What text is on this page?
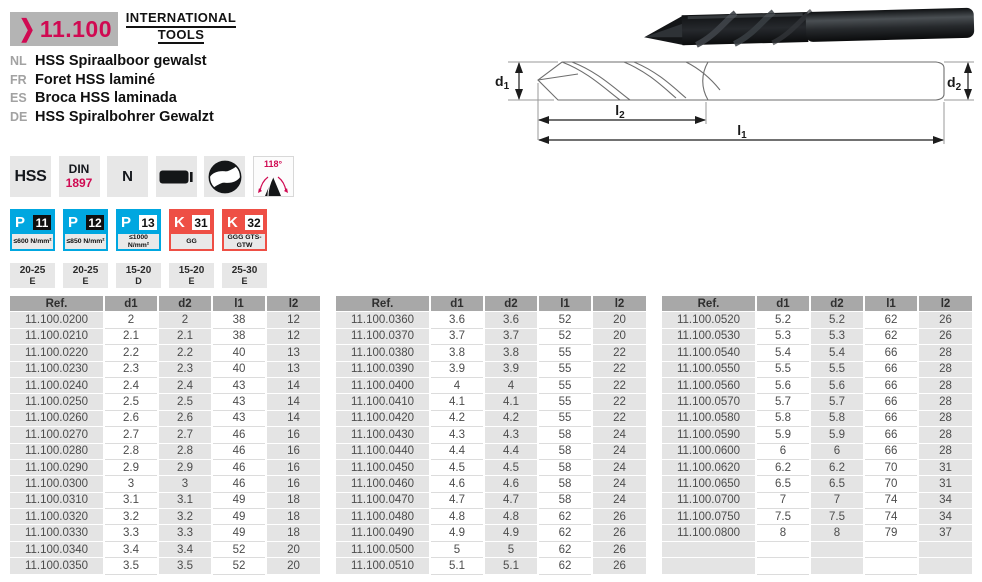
❯ 11.100	INTERNATIONAL
TOOLS
NL HSS Spiraalboor gewalst
FR Foret HSS laminé
ES Broca HSS laminada
DE HSS Spiralbohrer Gewalzt
$d_1$	$d_2$
$l_2$
$l_1$
HSS DIN
1897 N
118°
P 11
≤600 N/mm²
P 12
≤850 N/mm²
P 13
≤1000 N/mm²
K 31
GG
K 32
GGG GTS-GTW
20-25
E
20-25
E
15-20
D
15-20
E
25-30
E
Ref.	d1	d2	l1	l2
11.100.0200	2	2	38	12
11.100.0210	2.1	2.1	38	12
11.100.0220	2.2	2.2	40	13
11.100.0230	2.3	2.3	40	13
11.100.0240	2.4	2.4	43	14
11.100.0250	2.5	2.5	43	14
11.100.0260	2.6	2.6	43	14
11.100.0270	2.7	2.7	46	16
11.100.0280	2.8	2.8	46	16
11.100.0290	2.9	2.9	46	16
11.100.0300	3	3	46	16
11.100.0310	3.1	3.1	49	18
11.100.0320	3.2	3.2	49	18
11.100.0330	3.3	3.3	49	18
11.100.0340	3.4	3.4	52	20
11.100.0350	3.5	3.5	52	20
Ref.	d1	d2	l1	l2
11.100.0360	3.6	3.6	52	20
11.100.0370	3.7	3.7	52	20
11.100.0380	3.8	3.8	55	22
11.100.0390	3.9	3.9	55	22
11.100.0400	4	4	55	22
11.100.0410	4.1	4.1	55	22
11.100.0420	4.2	4.2	55	22
11.100.0430	4.3	4.3	58	24
11.100.0440	4.4	4.4	58	24
11.100.0450	4.5	4.5	58	24
11.100.0460	4.6	4.6	58	24
11.100.0470	4.7	4.7	58	24
11.100.0480	4.8	4.8	62	26
11.100.0490	4.9	4.9	62	26
11.100.0500	5	5	62	26
11.100.0510	5.1	5.1	62	26
Ref.	d1	d2	l1	l2
11.100.0520	5.2	5.2	62	26
11.100.0530	5.3	5.3	62	26
11.100.0540	5.4	5.4	66	28
11.100.0550	5.5	5.5	66	28
11.100.0560	5.6	5.6	66	28
11.100.0570	5.7	5.7	66	28
11.100.0580	5.8	5.8	66	28
11.100.0590	5.9	5.9	66	28
11.100.0600	6	6	66	28
11.100.0620	6.2	6.2	70	31
11.100.0650	6.5	6.5	70	31
11.100.0700	7	7	74	34
11.100.0750	7.5	7.5	74	34
11.100.0800	8	8	79	37
